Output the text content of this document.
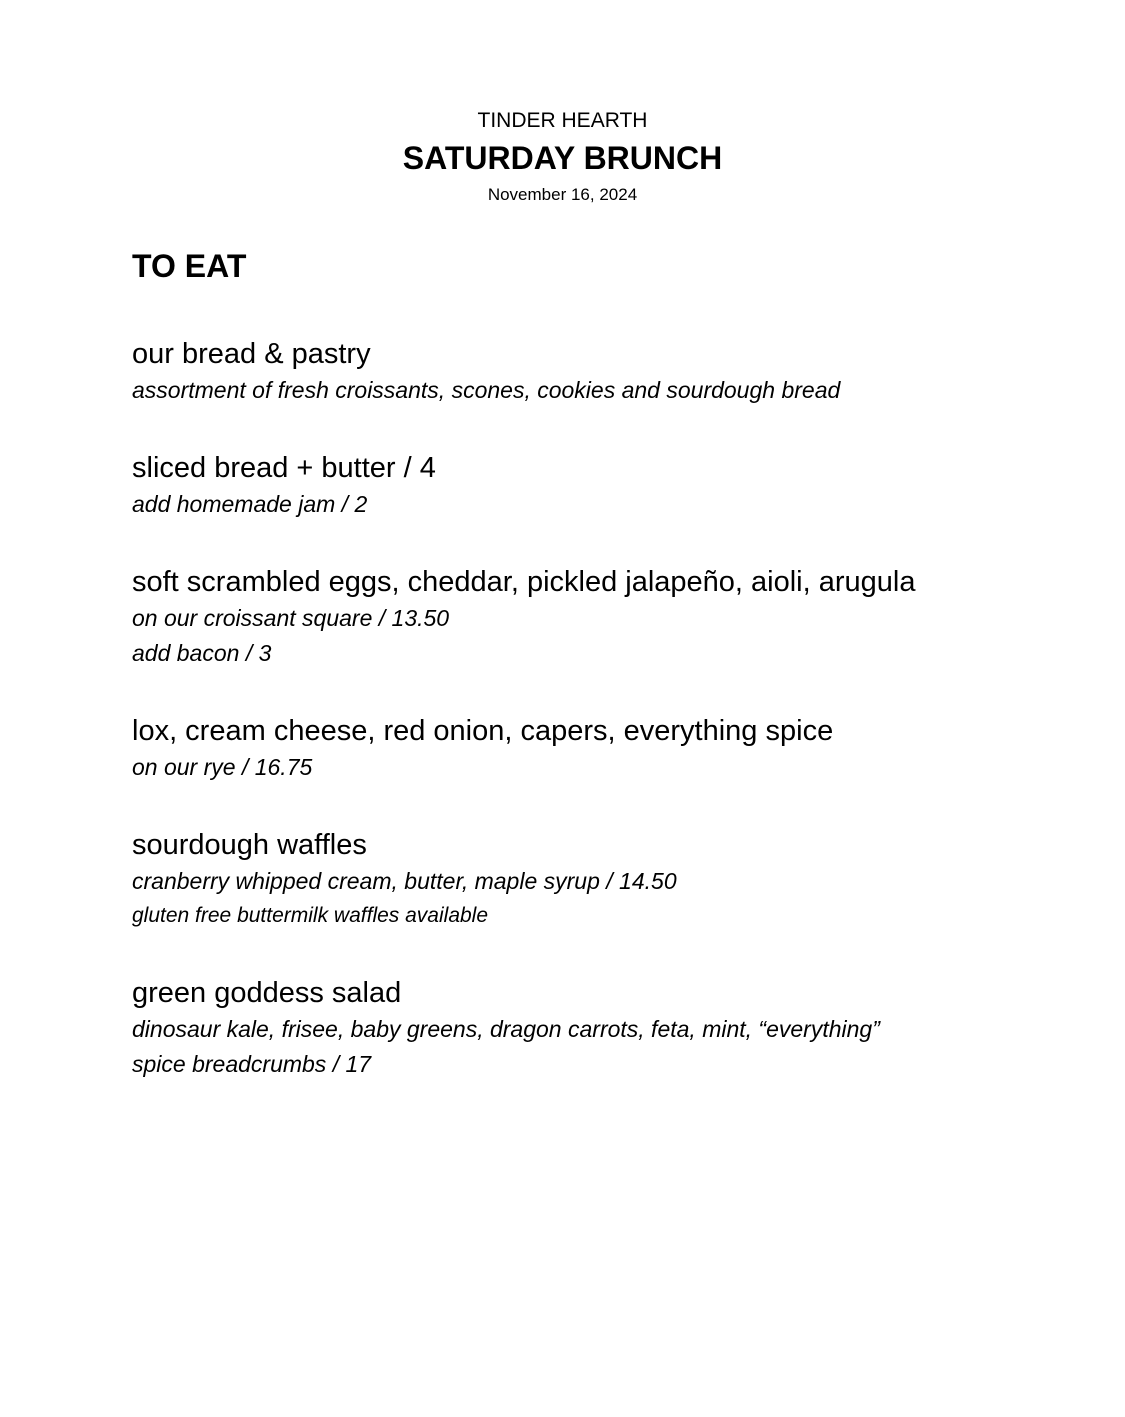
TINDER HEARTH
SATURDAY BRUNCH
November 16, 2024
TO EAT
our bread & pastry
assortment of fresh croissants, scones, cookies and sourdough bread
sliced bread + butter / 4
add homemade jam / 2
soft scrambled eggs, cheddar, pickled jalapeño, aioli, arugula
on our croissant square / 13.50
add bacon / 3
lox, cream cheese, red onion, capers, everything spice
on our rye / 16.75
sourdough waffles
cranberry whipped cream, butter, maple syrup / 14.50
gluten free buttermilk waffles available
green goddess salad
dinosaur kale, frisee, baby greens, dragon carrots, feta, mint, “everything”
spice breadcrumbs / 17
